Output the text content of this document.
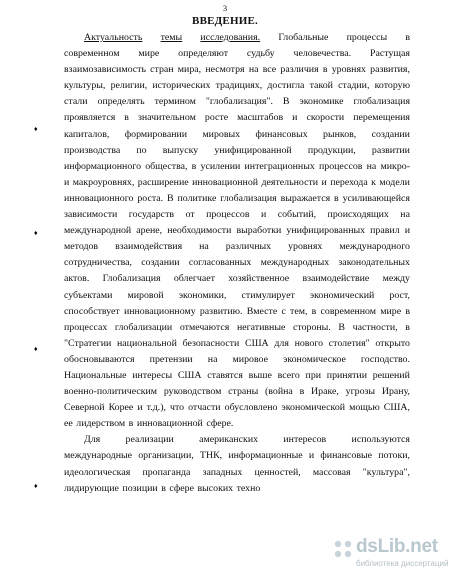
3
ВВЕДЕНИЕ.
♦
♦
♦
♦
Актуальность темы исследования. Глобальные процессы в
современном мире определяют судьбу человечества. Растущая
взаимозависимость стран мира, несмотря на все различия в уровнях развития,
культуры, религии, исторических традициях, достигла такой стадии, которую
стали определять термином "глобализация". В экономике глобализация
проявляется в значительном росте масштабов и скорости перемещения
капиталов, формировании мировых финансовых рынков, создании
производства по выпуску унифицированной продукции, развитии
информационного общества, в усилении интеграционных процессов на микро-
и макроуровнях, расширение инновационной деятельности и перехода к модели
инновационного роста. В политике глобализация выражается в усиливающейся
зависимости государств от процессов и событий, происходящих на
международной арене, необходимости выработки унифицированных правил и
методов взаимодействия на различных уровнях международного
сотрудничества, создании согласованных международных законодательных
актов. Глобализация облегчает хозяйственное взаимодействие между
субъектами мировой экономики, стимулирует экономический рост,
способствует инновационному развитию. Вместе с тем, в современном мире в
процессах глобализации отмечаются негативные стороны. В частности, в
"Стратегии национальной безопасности США для нового столетия" открыто
обосновываются претензии на мировое экономическое господство.
Национальные интересы США ставятся выше всего при принятии решений
военно-политическим руководством страны (война в Ираке, угрозы Ирану,
Северной Корее и т.д.), что отчасти обусловлено экономической мощью США,
ее лидерством в инновационной сфере.
Для	реализации	американских	интересов	используются
международные организации, ТНК, информационные и финансовые потоки,
идеологическая пропаганда западных ценностей, массовая "культура",
лидирующие позиции в сфере высоких техно
dsLib.net
библиотека диссертаций
